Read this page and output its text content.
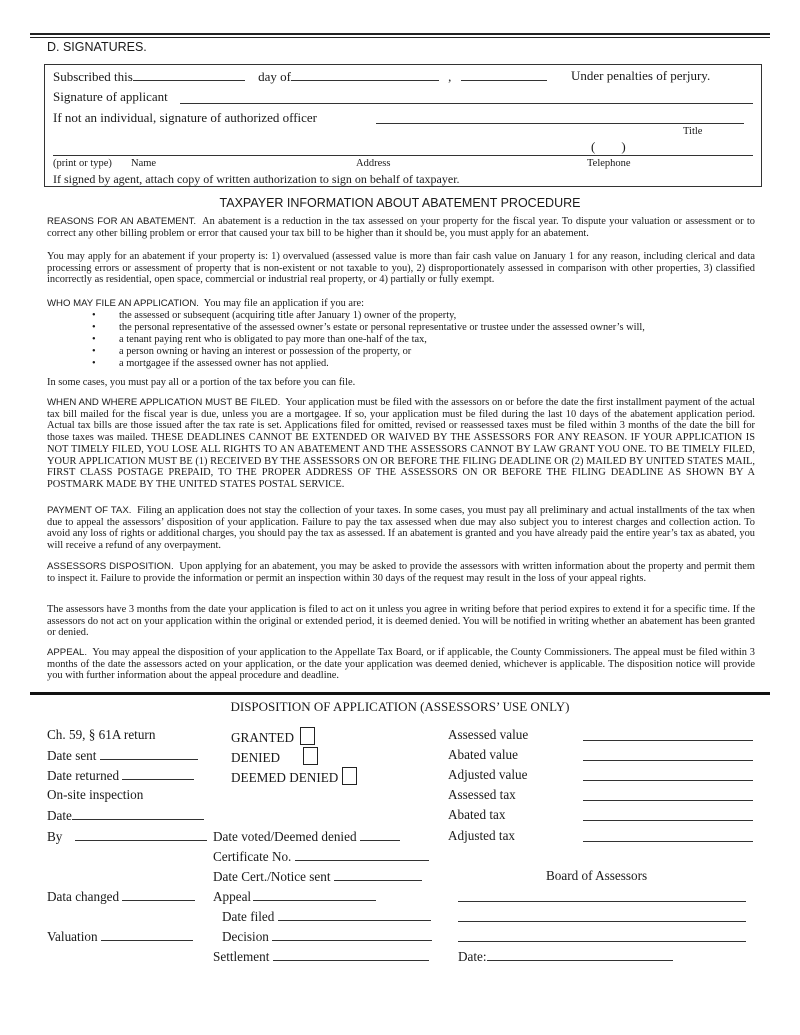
D. SIGNATURES.
Subscribed this	day of	,	Under penalties of perjury.
Signature of applicant
If not an individual, signature of authorized officer
Title
(        )
(print or type) Name	Address	Telephone
If signed by agent, attach copy of written authorization to sign on behalf of taxpayer.
TAXPAYER INFORMATION ABOUT ABATEMENT PROCEDURE
REASONS FOR AN ABATEMENT. An abatement is a reduction in the tax assessed on your property for the fiscal year. To dispute your valuation or assessment or to correct any other billing problem or error that caused your tax bill to be higher than it should be, you must apply for an abatement.
You may apply for an abatement if your property is: 1) overvalued (assessed value is more than fair cash value on January 1 for any reason, including clerical and data processing errors or assessment of property that is non-existent or not taxable to you), 2) disproportionately assessed in comparison with other properties, 3) classified incorrectly as residential, open space, commercial or industrial real property, or 4) partially or fully exempt.
WHO MAY FILE AN APPLICATION. You may file an application if you are:
• the assessed or subsequent (acquiring title after January 1) owner of the property,
• the personal representative of the assessed owner’s estate or personal representative or trustee under the assessed owner’s will,
• a tenant paying rent who is obligated to pay more than one-half of the tax,
• a person owning or having an interest or possession of the property, or
• a mortgagee if the assessed owner has not applied.
In some cases, you must pay all or a portion of the tax before you can file.
WHEN AND WHERE APPLICATION MUST BE FILED. Your application must be filed with the assessors on or before the date the first installment payment of the actual tax bill mailed for the fiscal year is due, unless you are a mortgagee. If so, your application must be filed during the last 10 days of the abatement application period. Actual tax bills are those issued after the tax rate is set. Applications filed for omitted, revised or reassessed taxes must be filed within 3 months of the date the bill for those taxes was mailed. THESE DEADLINES CANNOT BE EXTENDED OR WAIVED BY THE ASSESSORS FOR ANY REASON. IF YOUR APPLICATION IS NOT TIMELY FILED, YOU LOSE ALL RIGHTS TO AN ABATEMENT AND THE ASSESSORS CANNOT BY LAW GRANT YOU ONE. TO BE TIMELY FILED, YOUR APPLICATION MUST BE (1) RECEIVED BY THE ASSESSORS ON OR BEFORE THE FILING DEADLINE OR (2) MAILED BY UNITED STATES MAIL, FIRST CLASS POSTAGE PREPAID, TO THE PROPER ADDRESS OF THE ASSESSORS ON OR BEFORE THE FILING DEADLINE AS SHOWN BY A POSTMARK MADE BY THE UNITED STATES POSTAL SERVICE.
PAYMENT OF TAX. Filing an application does not stay the collection of your taxes. In some cases, you must pay all preliminary and actual installments of the tax when due to appeal the assessors’ disposition of your application. Failure to pay the tax assessed when due may also subject you to interest charges and collection action. To avoid any loss of rights or additional charges, you should pay the tax as assessed. If an abatement is granted and you have already paid the entire year’s tax as abated, you will receive a refund of any overpayment.
ASSESSORS DISPOSITION. Upon applying for an abatement, you may be asked to provide the assessors with written information about the property and permit them to inspect it. Failure to provide the information or permit an inspection within 30 days of the request may result in the loss of your appeal rights.
The assessors have 3 months from the date your application is filed to act on it unless you agree in writing before that period expires to extend it for a specific time. If the assessors do not act on your application within the original or extended period, it is deemed denied. You will be notified in writing whether an abatement has been granted or denied.
APPEAL. You may appeal the disposition of your application to the Appellate Tax Board, or if applicable, the County Commissioners. The appeal must be filed within 3 months of the date the assessors acted on your application, or the date your application was deemed denied, whichever is applicable. The disposition notice will provide you with further information about the appeal procedure and deadline.
DISPOSITION OF APPLICATION (ASSESSORS’ USE ONLY)
Ch. 59, § 61A return
Date sent
Date returned
On-site inspection
Date
By
Data changed
Valuation
GRANTED
DENIED
DEEMED DENIED
Date voted/Deemed denied
Certificate No.
Date Cert./Notice sent
Appeal
Date filed
Decision
Settlement
Assessed value
Abated value
Adjusted value
Assessed tax
Abated tax
Adjusted tax
Board of Assessors
Date:
